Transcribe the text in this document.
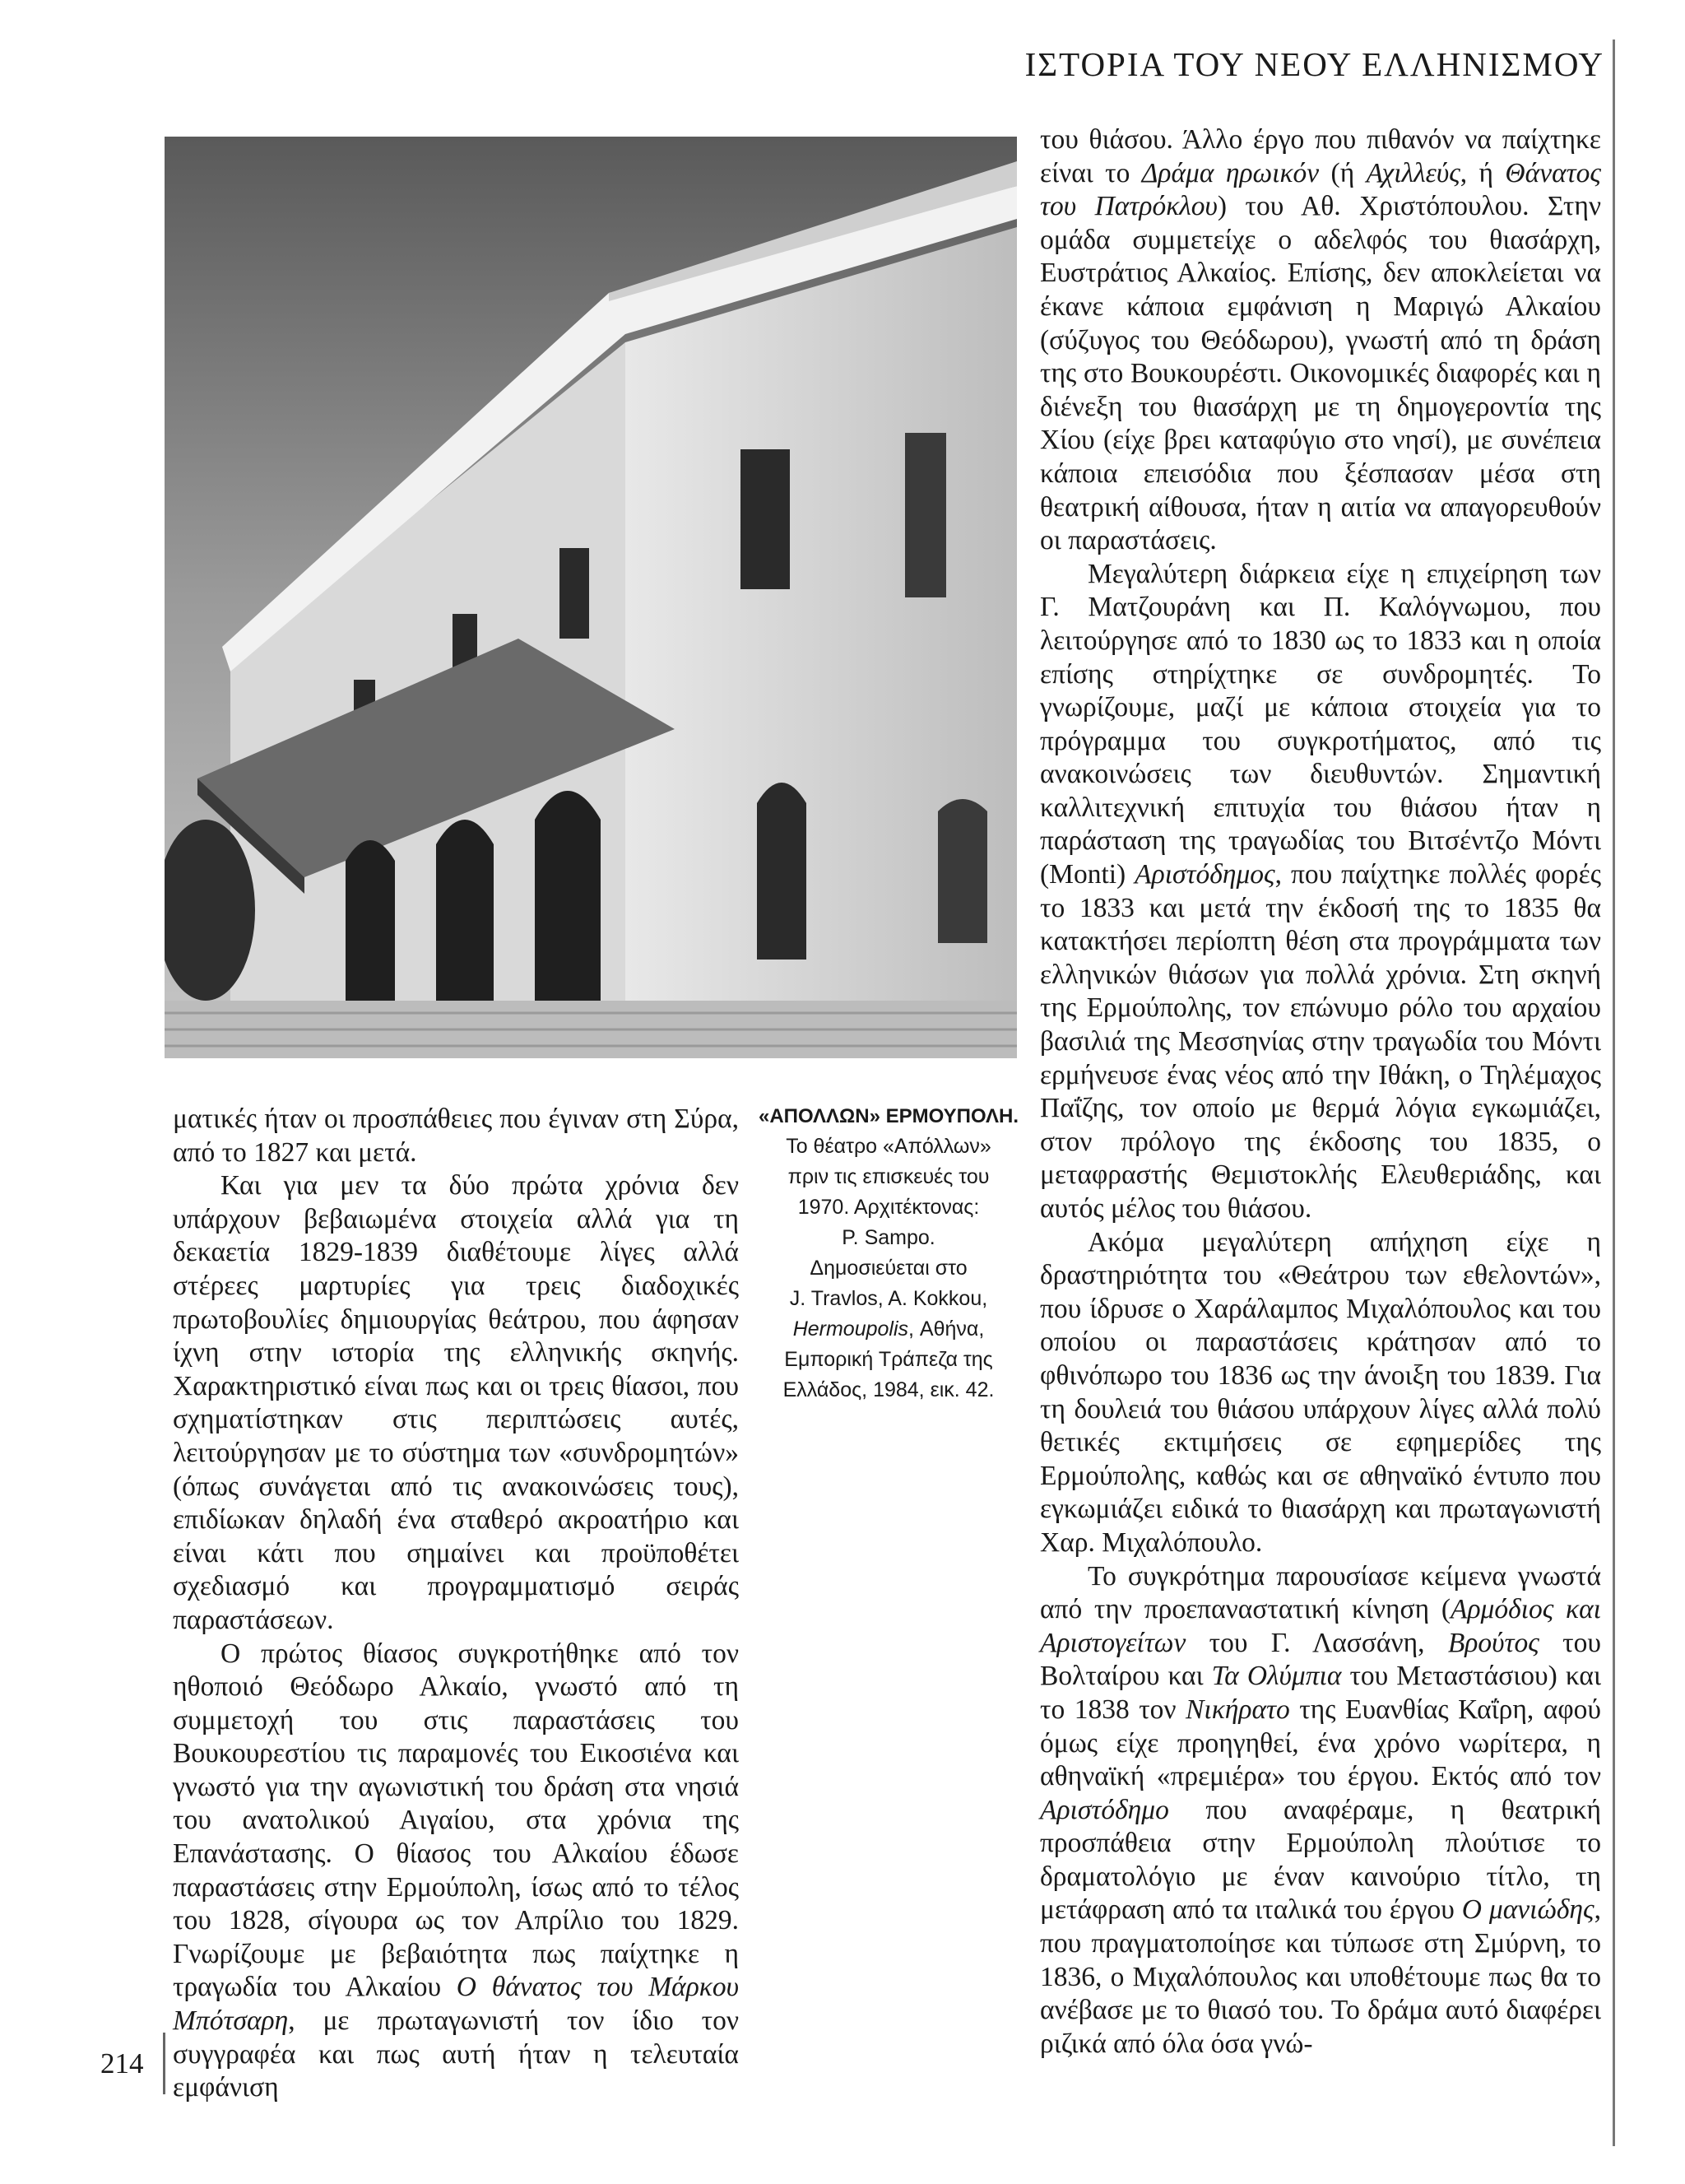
ΙΣΤΟΡΙΑ ΤΟΥ ΝΕΟΥ ΕΛΛΗΝΙΣΜΟΥ
«ΑΠΟΛΛΩΝ» ΕΡΜΟΥΠΟΛΗ.
Το θέατρο «Απόλλων»
πριν τις επισκευές του
1970. Αρχιτέκτονας:
P. Sampo.
Δημοσιεύεται στο
J. Travlos, A. Kokkou,
Hermoupolis, Αθήνα,
Εμπορική Τράπεζα της
Ελλάδος, 1984, εικ. 42.

ματικές ήταν οι προσπάθειες που έγιναν στη Σύρα, από το 1827 και μετά.

Και για μεν τα δύο πρώτα χρόνια δεν υπάρχουν βεβαιωμένα στοιχεία αλλά για τη δεκαετία 1829-1839 διαθέτουμε λίγες αλλά στέρεες μαρτυρίες για τρεις διαδοχικές πρωτοβουλίες δημιουργίας θεάτρου, που άφησαν ίχνη στην ιστορία της ελληνικής σκηνής. Χαρακτηριστικό είναι πως και οι τρεις θίασοι, που σχηματίστηκαν στις περιπτώσεις αυτές, λειτούργησαν με το σύστημα των «συνδρομητών» (όπως συνάγεται από τις ανακοινώσεις τους), επιδίωκαν δηλαδή ένα σταθερό ακροατήριο και είναι κάτι που σημαίνει και προϋποθέτει σχεδιασμό και προγραμματισμό σειράς παραστάσεων.

Ο πρώτος θίασος συγκροτήθηκε από τον ηθοποιό Θεόδωρο Αλκαίο, γνωστό από τη συμμετοχή του στις παραστάσεις του Βουκουρεστίου τις παραμονές του Εικοσιένα και γνωστό για την αγωνιστική του δράση στα νησιά του ανατολικού Αιγαίου, στα χρόνια της Επανάστασης. Ο θίασος του Αλκαίου έδωσε παραστάσεις στην Ερμούπολη, ίσως από το τέλος του 1828, σίγουρα ως τον Απρίλιο του 1829. Γνωρίζουμε με βεβαιότητα πως παίχτηκε η τραγωδία του Αλκαίου Ο θάνατος του Μάρκου Μπότσαρη, με πρωταγωνιστή τον ίδιο τον συγγραφέα και πως αυτή ήταν η τελευταία εμφάνιση

του θιάσου. Άλλο έργο που πιθανόν να παίχτηκε είναι το Δράμα ηρωικόν (ή Αχιλλεύς, ή Θάνατος του Πατρόκλου) του Αθ. Χριστόπουλου. Στην ομάδα συμμετείχε ο αδελφός του θιασάρχη, Ευστράτιος Αλκαίος. Επίσης, δεν αποκλείεται να έκανε κάποια εμφάνιση η Μαριγώ Αλκαίου (σύζυγος του Θεόδωρου), γνωστή από τη δράση της στο Βουκουρέστι. Οικονομικές διαφορές και η διένεξη του θιασάρχη με τη δημογεροντία της Χίου (είχε βρει καταφύγιο στο νησί), με συνέπεια κάποια επεισόδια που ξέσπασαν μέσα στη θεατρική αίθουσα, ήταν η αιτία να απαγορευθούν οι παραστάσεις.

Μεγαλύτερη διάρκεια είχε η επιχείρηση των Γ. Ματζουράνη και Π. Καλόγνωμου, που λειτούργησε από το 1830 ως το 1833 και η οποία επίσης στηρίχτηκε σε συνδρομητές. Το γνωρίζουμε, μαζί με κάποια στοιχεία για το πρόγραμμα του συγκροτήματος, από τις ανακοινώσεις των διευθυντών. Σημαντική καλλιτεχνική επιτυχία του θιάσου ήταν η παράσταση της τραγωδίας του Βιτσέντζο Μόντι (Monti) Αριστόδημος, που παίχτηκε πολλές φορές το 1833 και μετά την έκδοσή της το 1835 θα κατακτήσει περίοπτη θέση στα προγράμματα των ελληνικών θιάσων για πολλά χρόνια. Στη σκηνή της Ερμούπολης, τον επώνυμο ρόλο του αρχαίου βασιλιά της Μεσσηνίας στην τραγωδία του Μόντι ερμήνευσε ένας νέος από την Ιθάκη, ο Τηλέμαχος Παΐζης, τον οποίο με θερμά λόγια εγκωμιάζει, στον πρόλογο της έκδοσης του 1835, ο μεταφραστής Θεμιστοκλής Ελευθεριάδης, και αυτός μέλος του θιάσου.

Ακόμα μεγαλύτερη απήχηση είχε η δραστηριότητα του «Θεάτρου των εθελοντών», που ίδρυσε ο Χαράλαμπος Μιχαλόπουλος και του οποίου οι παραστάσεις κράτησαν από το φθινόπωρο του 1836 ως την άνοιξη του 1839. Για τη δουλειά του θιάσου υπάρχουν λίγες αλλά πολύ θετικές εκτιμήσεις σε εφημερίδες της Ερμούπολης, καθώς και σε αθηναϊκό έντυπο που εγκωμιάζει ειδικά το θιασάρχη και πρωταγωνιστή Χαρ. Μιχαλόπουλο.

Το συγκρότημα παρουσίασε κείμενα γνωστά από την προεπαναστατική κίνηση (Αρμόδιος και Αριστογείτων του Γ. Λασσάνη, Βρούτος του Βολταίρου και Τα Ολύμπια του Μεταστάσιου) και το 1838 τον Νικήρατο της Ευανθίας Καΐρη, αφού όμως είχε προηγηθεί, ένα χρόνο νωρίτερα, η αθηναϊκή «πρεμιέρα» του έργου. Εκτός από τον Αριστόδημο που αναφέραμε, η θεατρική προσπάθεια στην Ερμούπολη πλούτισε το δραματολόγιο με έναν καινούριο τίτλο, τη μετάφραση από τα ιταλικά του έργου Ο μανιώδης, που πραγματοποίησε και τύπωσε στη Σμύρνη, το 1836, ο Μιχαλόπουλος και υποθέτουμε πως θα το ανέβασε με το θιασό του. Το δράμα αυτό διαφέρει ριζικά από όλα όσα γνώ-

214
